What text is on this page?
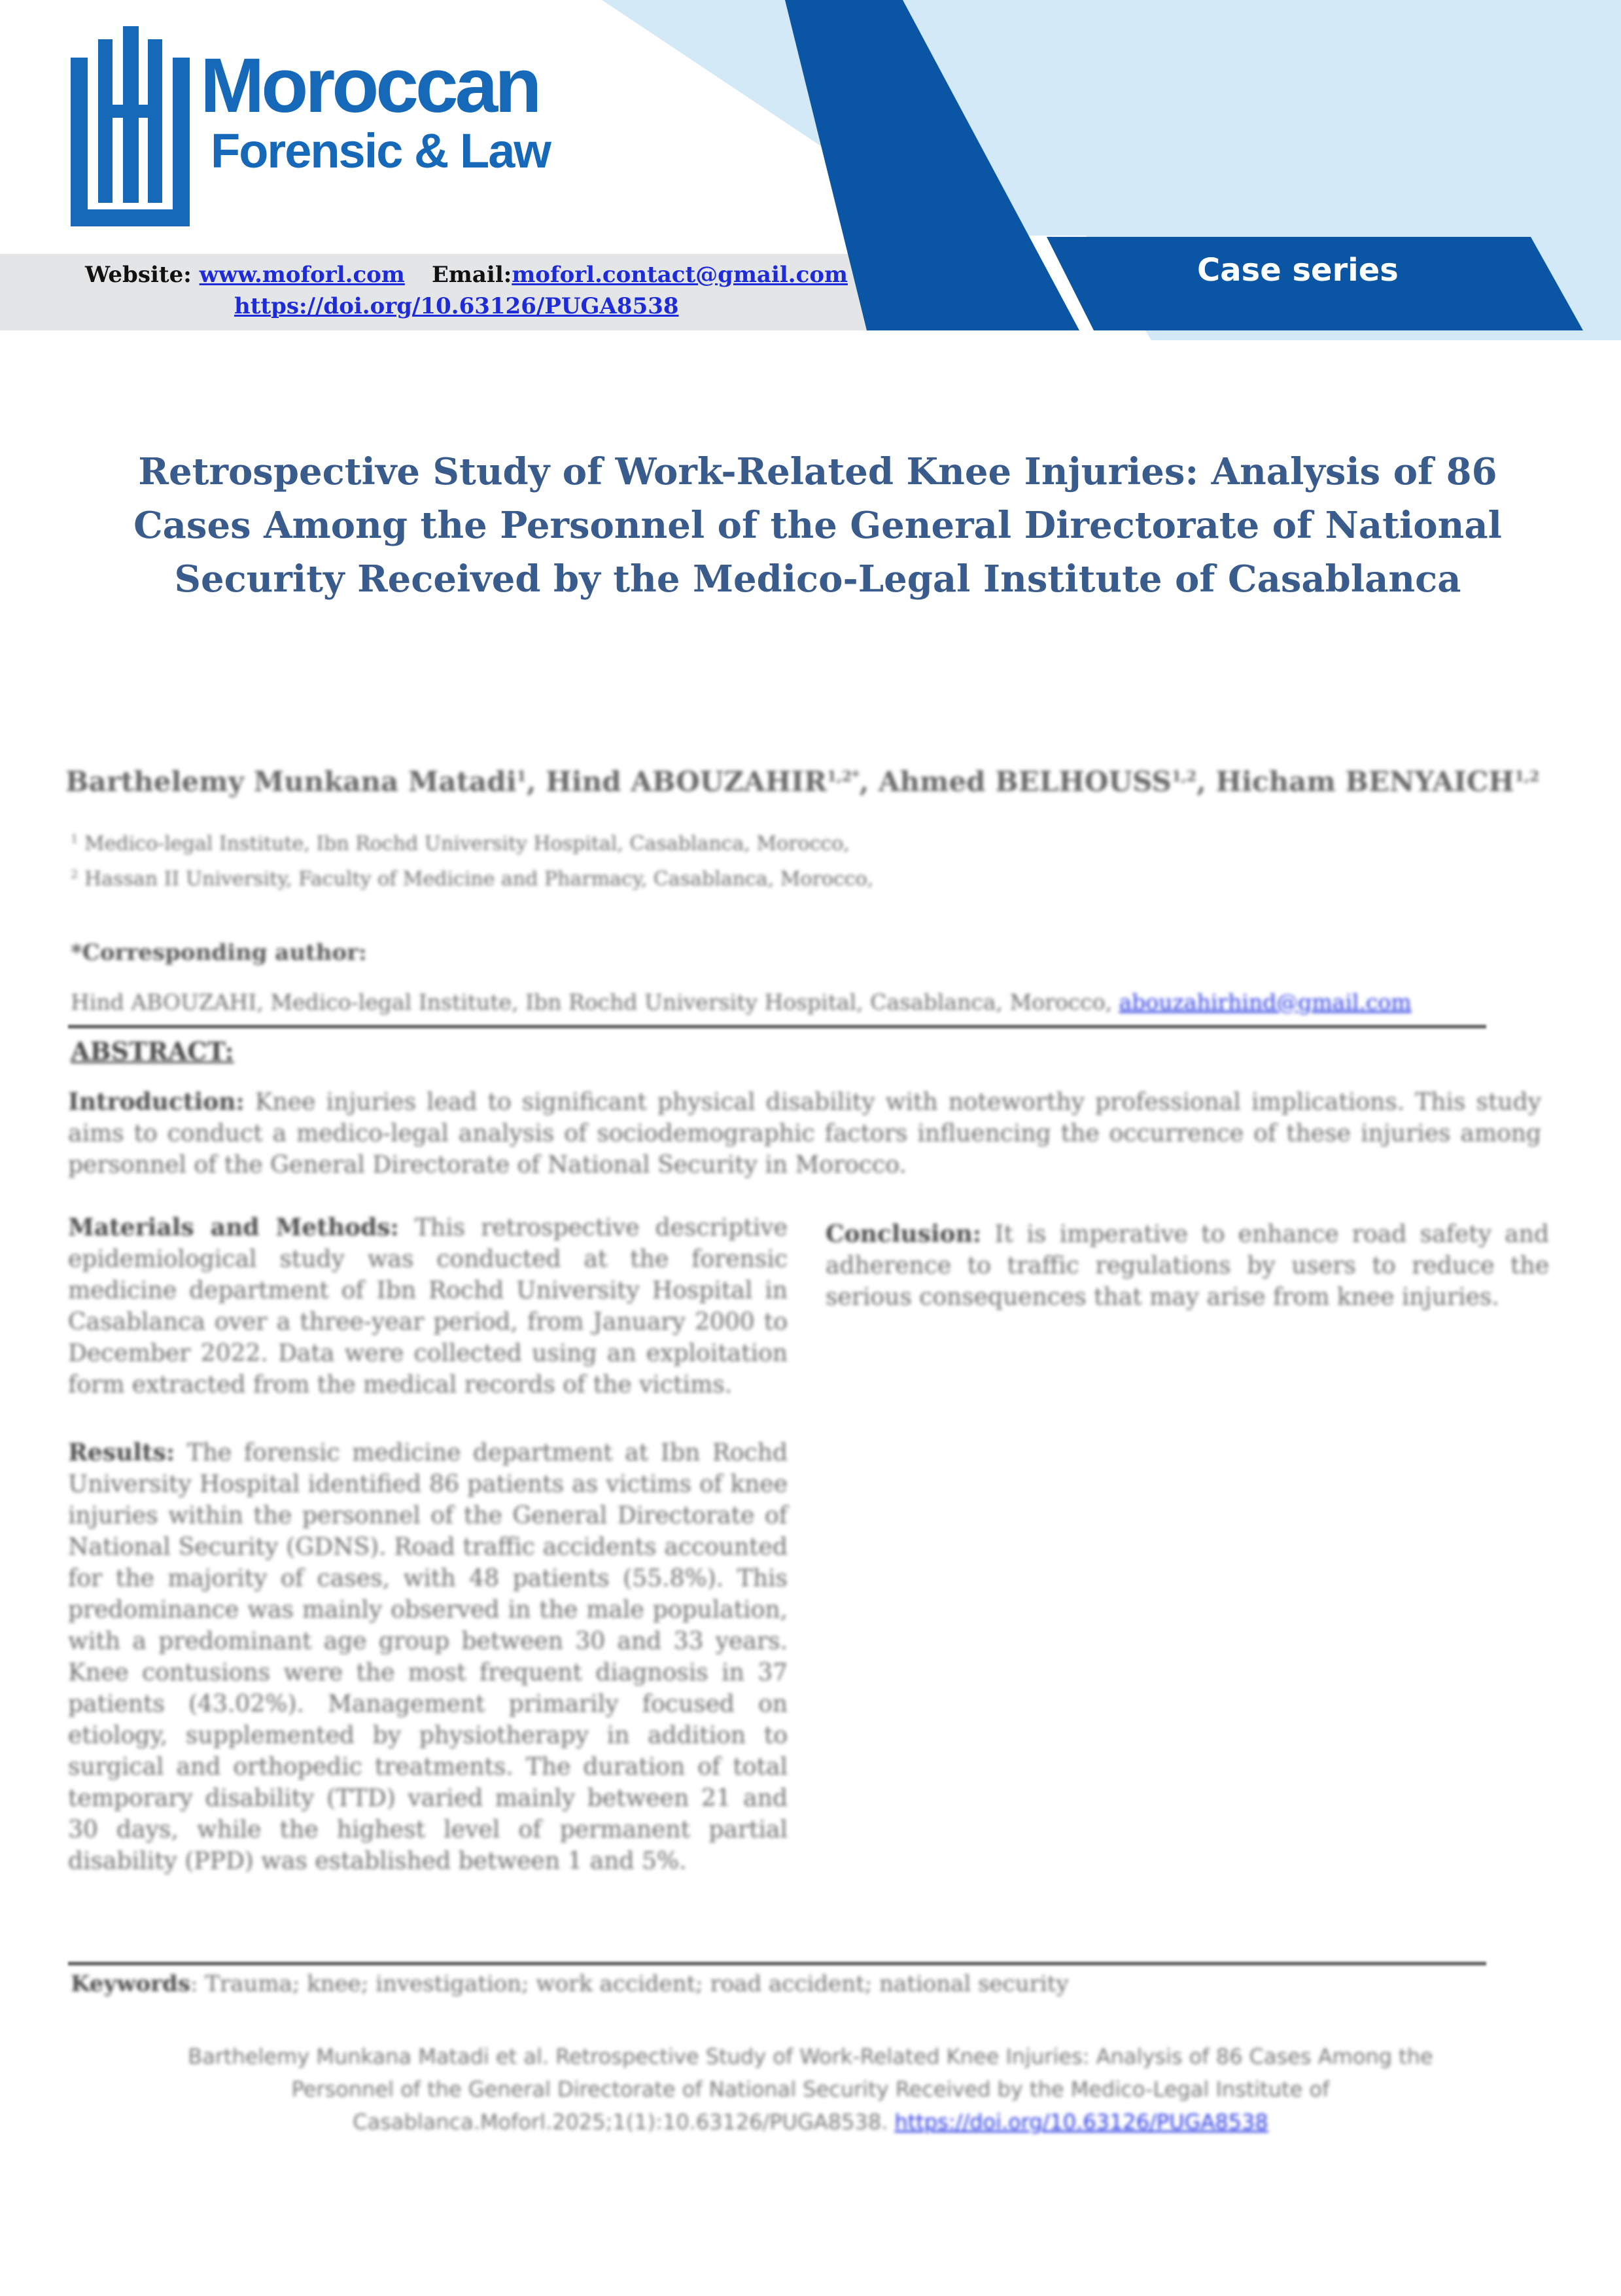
Moroccan
Forensic & Law
Website: www.moforl.com Email:moforl.contact@gmail.com
https://doi.org/10.63126/PUGA8538
Case series
Retrospective Study of Work-Related Knee Injuries: Analysis of 86 Cases Among the Personnel of the General Directorate of National Security Received by the Medico-Legal Institute of Casablanca
Barthelemy Munkana Matadi$^1$, Hind $ABOUZAHIR^{1,2*}$, Ahmed BELHOUSS$^{1,2}$, Hicham BENYAICH$^{1,2}$
$^1$ Medico-legal Institute, Ibn Rochd University Hospital, Casablanca, Morocco,
$^2$ Hassan II University, Faculty of Medicine and Pharmacy, Casablanca, Morocco,
*Corresponding author:
Hind ABOUZAHI, Medico-legal Institute, Ibn Rochd University Hospital, Casablanca, Morocco, abouzahirhind@gmail.com
ABSTRACT:

Introduction: Knee injuries lead to significant physical disability with noteworthy professional implications. This study aims to conduct a medico-legal analysis of sociodemographic factors influencing the occurrence of these injuries among personnel of the General Directorate of National Security in Morocco.

Materials and Methods: This retrospective descriptive epidemiological study was conducted at the forensic medicine department of Ibn Rochd University Hospital in Casablanca over a three-year period, from January 2000 to December 2022. Data were collected using an exploitation form extracted from the medical records of the victims.

Results: The forensic medicine department at Ibn Rochd University Hospital identified 86 patients as victims of knee injuries within the personnel of the General Directorate of National Security (GDNS). Road traffic accidents accounted for the majority of cases, with 48 patients (55.8%). This predominance was mainly observed in the male population, with a predominant age group between 30 and 33 years. Knee contusions were the most frequent diagnosis in 37 patients (43.02%). Management primarily focused on etiology, supplemented by physiotherapy in addition to surgical and orthopedic treatments. The duration of total temporary disability (TTD) varied mainly between 21 and 30 days, while the highest level of permanent partial disability (PPD) was established between 1 and 5%.

Conclusion: It is imperative to enhance road safety and adherence to traffic regulations by users to reduce the serious consequences that may arise from knee injuries.

Keywords: Trauma; knee; investigation; work accident; road accident; national security

Barthelemy Munkana Matadi et al. Retrospective Study of Work-Related Knee Injuries: Analysis of 86 Cases Among the Personnel of the General Directorate of National Security Received by the Medico-Legal Institute of Casablanca.Moforl.2025;1(1):10.63126/PUGA8538. https://doi.org/10.63126/PUGA8538
